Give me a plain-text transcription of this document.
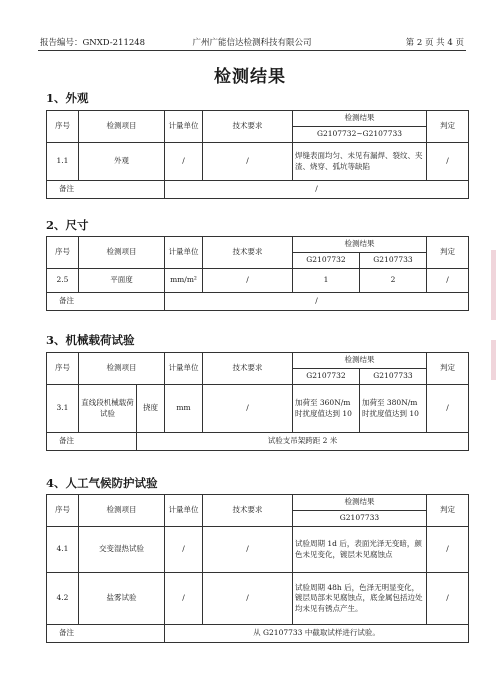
报告编号：GNXD-211248	广州广能信达检测科技有限公司	第 2 页 共 4 页
检测结果
1、外观
序号	检测项目	计量单位	技术要求	检测结果	判定
				G2107732~G2107733	
1.1	外观	/	/	焊缝表面均匀、未见有漏焊、裂纹、夹渣、烧穿、弧坑等缺陷	/
备注		/			
2、尺寸
序号	检测项目	计量单位	技术要求	检测结果		判定
				G2107732	G2107733	
2.5	平面度	mm/m²	/	1	2	/
备注		/				
3、机械载荷试验
序号	检测项目		计量单位	技术要求	检测结果		判定
					G2107732	G2107733	
3.1	直线段机械载荷试验	挠度	mm	/	加荷至 360N/m 时扰度值达到 10	加荷至 380N/m 时扰度值达到 10	/
备注		试验支吊架跨距 2 米					
4、人工气候防护试验
序号	检测项目	计量单位	技术要求	检测结果	判定
				G2107733	
4.1	交变湿热试验	/	/	试验周期 1d 后，表面光泽无变暗，颜色未见变化，镀层未见腐蚀点	/
4.2	盐雾试验	/	/	试验周期 48h 后，色泽无明显变化，镀层局部未见腐蚀点，底金属包括边处均未见有锈点产生。	/
备注		从 G2107733 中截取试样进行试验。			
